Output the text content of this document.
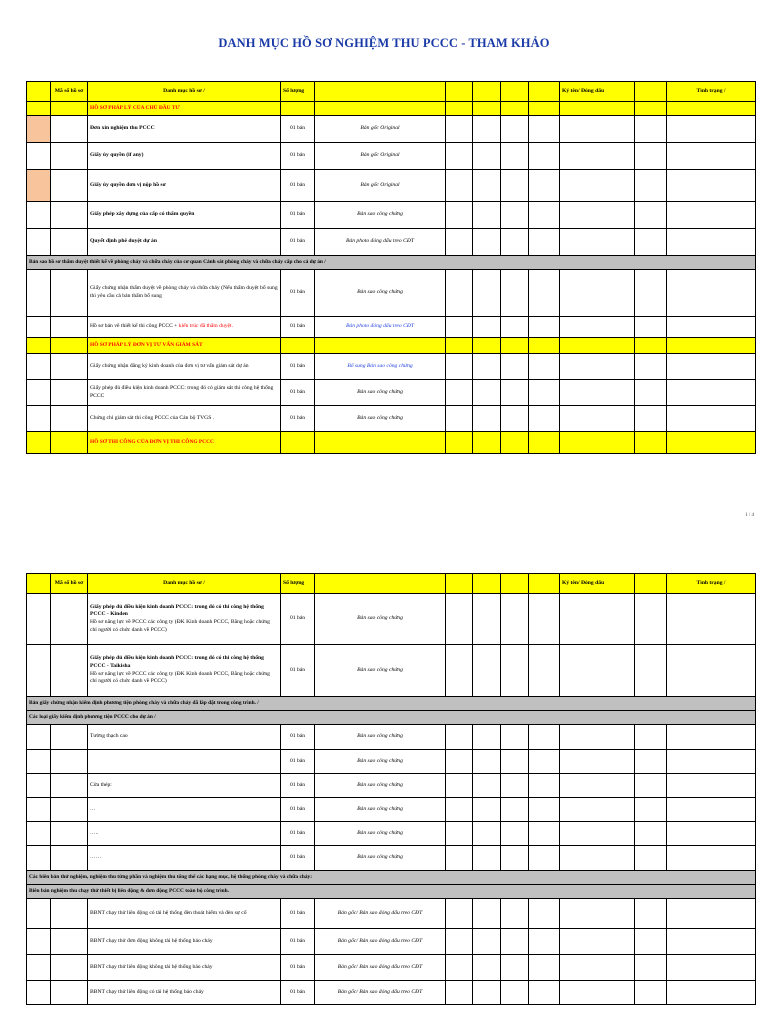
DANH MỤC HỒ SƠ NGHIỆM THU PCCC - THAM KHẢO
	Mã số hồ sơ	Danh mục hồ sơ /	Số lượng						Ký tên/ Đóng dấu		Tình trạng /
		HỒ SƠ PHÁP LÝ CỦA CHỦ ĐẦU TƯ									
		Đơn xin nghiệm thu PCCC	01 bản	Bản gốc Original							
		Giấy ủy quyền (if any)	01 bản	Bản gốc Original							
		Giấy ủy quyền đơn vị nộp hồ sơ	01 bản	Bản gốc Original							
		Giấy phép xây dựng của cấp có thẩm quyền	01 bản	Bản sao công chứng							
		Quyết định phê duyệt dự án	01 bản	Bản photo đóng dấu treo CĐT							
Bản sao hồ sơ thẩm duyệt thiết kế về phòng cháy và chữa cháy của cơ quan Cảnh sát phòng cháy và chữa cháy cấp cho cả dự án /											
		Giấy chứng nhận thẩm duyệt về phòng cháy và chữa cháy (Nếu thẩm duyệt bổ sung thì yêu cầu cả bản thẩm bổ sung	01 bản	Bản sao công chứng							
		Hồ sơ bản vẽ thiết kế thi công PCCC + kiến trúc đã thẩm duyệt.	01 bản	Bản photo đóng dấu treo CĐT							
		HỒ SƠ PHÁP LÝ ĐƠN VỊ TƯ VẤN GIÁM SÁT									
		Giấy chứng nhận đăng ký kinh doanh của đơn vị tư vấn giám sát dự án	01 bản	Bổ sung Bản sao công chứng							
		Giấy phép đủ điều kiện kinh doanh PCCC: trong đó có giám sát thi công hệ thống PCCC	01 bản	Bản sao công chứng							
		Chứng chỉ giám sát thi công PCCC của Cán bộ TVGS .	01 bản	Bản sao công chứng							
		HỒ SƠ THI CÔNG CỦA ĐƠN VỊ THI CÔNG PCCC									
1 / 4
	Mã số hồ sơ	Danh mục hồ sơ /	Số lượng						Ký tên/ Đóng dấu		Tình trạng /
		Giấy phép đủ điều kiện kinh doanh PCCC: trong đó có thi công hệ thống PCCC - Kinden
Hồ sơ năng lực về PCCC các công ty (ĐK Kinh doanh PCCC, Bằng hoặc chứng chỉ người có chức danh về PCCC)	01 bản	Bản sao công chứng							
		Giấy phép đủ điều kiện kinh doanh PCCC: trong đó có thi công hệ thống PCCC - Taikisha
Hồ sơ năng lực về PCCC các công ty (ĐK Kinh doanh PCCC, Bằng hoặc chứng chỉ người có chức danh về PCCC)	01 bản	Bản sao công chứng							
Bản giấy chứng nhận kiểm định phương tiện phòng cháy và chữa cháy đã lắp đặt trong công trình. /											
Các loại giấy kiểm định phương tiện PCCC cho dự án /											
		Tường thạch cao	01 bản	Bản sao công chứng							
			01 bản	Bản sao công chứng							
		Cửa thép:	01 bản	Bản sao công chứng							
		…	01 bản	Bản sao công chứng							
		…..	01 bản	Bản sao công chứng							
		……	01 bản	Bản sao công chứng							
Các biên bản thử nghiệm, nghiệm thu từng phần và nghiệm thu tổng thể các hạng mục, hệ thống phòng cháy và chữa cháy:											
Biên bản nghiệm thu chạy thử thiết bị liên động & đơn động PCCC toàn bộ công trình.											
		BBNT chạy thử liên động có tải hệ thống đèn thoát hiểm và đèn sự cố	01 bản	Bản gốc/ Bản sao đóng dấu treo CĐT							
		BBNT chạy thử đơn động không tải hệ thống báo cháy	01 bản	Bản gốc/ Bản sao đóng dấu treo CĐT							
		BBNT chạy thử liên động không tải hệ thống báo cháy	01 bản	Bản gốc/ Bản sao đóng dấu treo CĐT							
		BBNT chạy thử liên động có tải hệ thống báo cháy	01 bản	Bản gốc/ Bản sao đóng dấu treo CĐT							
